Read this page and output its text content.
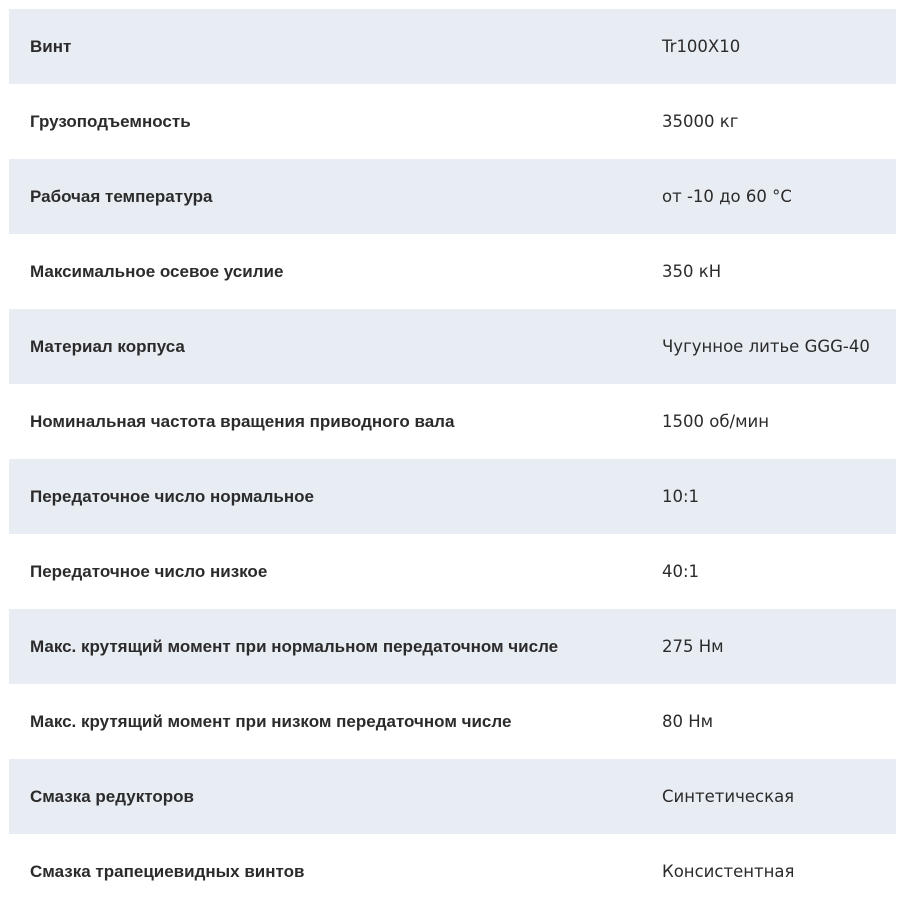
Винт	Tr100X10
Грузоподъемность	35000 кг
Рабочая температура	от -10 до 60 °C
Максимальное осевое усилие	350 кН
Материал корпуса	Чугунное литье GGG-40
Номинальная частота вращения приводного вала	1500 об/мин
Передаточное число нормальное	10:1
Передаточное число низкое	40:1
Макс. крутящий момент при нормальном передаточном числе	275 Нм
Макс. крутящий момент при низком передаточном числе	80 Нм
Смазка редукторов	Синтетическая
Смазка трапециевидных винтов	Консистентная
